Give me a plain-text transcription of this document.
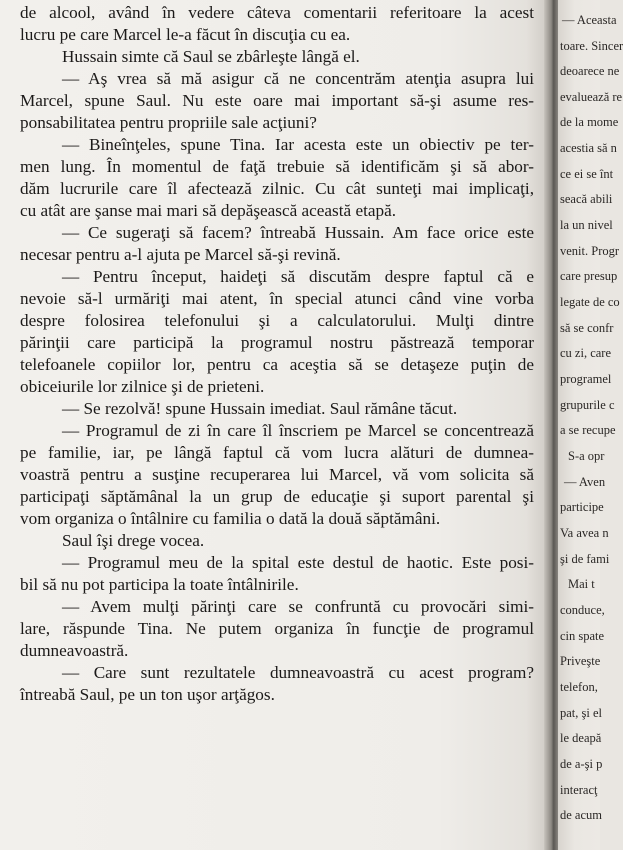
de alcool, având în vedere câteva comentarii referitoare la acest
lucru pe care Marcel le-a făcut în discuţia cu ea.
Hussain simte că Saul se zbârleşte lângă el.
— Aş vrea să mă asigur că ne concentrăm atenţia asupra lui
Marcel, spune Saul. Nu este oare mai important să-şi asume res-
ponsabilitatea pentru propriile sale acţiuni?
— Bineînţeles, spune Tina. Iar acesta este un obiectiv pe ter-
men lung. În momentul de faţă trebuie să identificăm şi să abor-
dăm lucrurile care îl afectează zilnic. Cu cât sunteţi mai implicaţi,
cu atât are şanse mai mari să depăşească această etapă.
— Ce sugeraţi să facem? întreabă Hussain. Am face orice este
necesar pentru a-l ajuta pe Marcel să-şi revină.
— Pentru început, haideţi să discutăm despre faptul că e
nevoie să-l urmăriţi mai atent, în special atunci când vine vorba
despre folosirea telefonului şi a calculatorului. Mulţi dintre
părinţii care participă la programul nostru păstrează temporar
telefoanele copiilor lor, pentru ca aceştia să se detaşeze puţin de
obiceiurile lor zilnice şi de prieteni.
— Se rezolvă! spune Hussain imediat. Saul rămâne tăcut.
— Programul de zi în care îl înscriem pe Marcel se concentrează
pe familie, iar, pe lângă faptul că vom lucra alături de dumnea-
voastră pentru a susţine recuperarea lui Marcel, vă vom solicita să
participaţi săptămânal la un grup de educaţie şi suport parental şi
vom organiza o întâlnire cu familia o dată la două săptămâni.
Saul îşi drege vocea.
— Programul meu de la spital este destul de haotic. Este posi-
bil să nu pot participa la toate întâlnirile.
— Avem mulţi părinţi care se confruntă cu provocări simi-
lare, răspunde Tina. Ne putem organiza în funcţie de programul
dumneavoastră.
— Care sunt rezultatele dumneavoastră cu acest program?
întreabă Saul, pe un ton uşor arţăgos.
— Aceasta
toare. Sincer
deoarece ne
evaluează re
de la mome
acestia să n
ce ei se înt
seacă abili
la un nivel
venit. Progr
care presup
legate de co
să se confr
cu zi, care
programel
grupurile c
a se recupe
S-a opr
— Aven
participe
Va avea n
şi de fami
Mai t
conduce,
cin spate
Priveşte
telefon,
pat, şi el
le deapă
de a-şi p
interacţ
de acum
